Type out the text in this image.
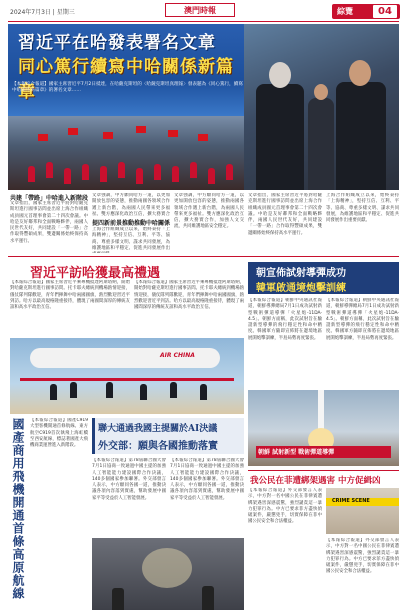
2024年7月3日 | 星期三	澳門時報	綜覽	04
習近平在哈發表署名文章
同心篤行續寫中哈關係新篇章
【本報綜合報道】國家主席習近平7月2日抵達，在哈薩克斯坦的〈哈薩克斯坦真理報〉發表題為《同心篤行，續寫中哈關係新篇章》的署名文章……
共建「帶路」中哈進入新階段
文章指出，國家主席習近平將對哈薩克斯坦進行國事訪問並出席上海合作組織成員國元首理事會第二十四次會議。中哈是友好鄰邦和全面戰略夥伴，兩國人民世代友好，共同建設「一帶一路」合作取得豐碩成果，雙邊關係始終保持高水平運行。
文章強調，中方願同哈方一道，以更加開放包容的姿態，推動兩國各領域合作邁上新台階，為兩國人民帶來更多福祉。雙方應深化政治互信，擴大務實合
提四新前景推動推動中哈關係
上海合作組織成立以來，始終秉持「上海精神」，堅持互信、互利、平等、協商、尊重多樣文明、謀求共同發展，為維護地區和平穩定、促進共同發展作出
文章強調，中方願同哈方一道，以更加開放包容的姿態，推動兩國各領域合作邁上新台階，為兩國人民帶來更多福祉。雙方應深化政治互信，擴大務實合作，加強人文交流，共同維護地區安全穩定。
文章指出，國家主席習近平將對哈薩克斯坦進行國事訪問並出席上海合作組織成員國元首理事會第二十四次會議。中哈是友好鄰邦和全面戰略夥伴，兩國人民世代友好，共同建設「一帶一路」合作取得豐碩成果，雙邊關係始終保持高水平運行。
上海合作組織成立以來，始終秉持「上海精神」，堅持互信、互利、平等、協商、尊重多樣文明、謀求共同發展，為維護地區和平穩定、促進共同發展作出重要貢獻。
習近平訪哈獲最高禮遇
【本報綜合報道】國家主席習近平乘專機抵達阿斯塔納，開始對哈薩克斯坦進行國事訪問。托卡耶夫總統到機場熱情迎接，儀仗隊列隊歡迎，青年們揮舞中哈兩國國旗，熱烈歡迎習近平到訪。哈方以最高規格隆重接待，體現了兩國間深厚的傳統友誼和高水平政治互信。
【本報綜合報道】國家主席習近平乘專機抵達阿斯塔納，開始對哈薩克斯坦進行國事訪問。托卡耶夫總統到機場熱情迎接，儀仗隊列隊歡迎，青年們揮舞中哈兩國國旗，熱烈歡迎習近平到訪。哈方以最高規格隆重接待，體現了兩國間深厚的傳統友誼和高水平政治互信。
AIR CHINA
朝宣佈試射導彈成功
韓軍啟通境炮擊訓練
【本報綜合報道】朝鮮中央通訊社報道，朝鮮導彈總局7月1日成功試射新型戰術彈道導彈「火星炮-11DA-4.5」。朝鮮方面稱，此次試射旨在驗證新型導彈的飛行穩定性和命中精度。韓國軍方隨即宣佈將在邊境地區展開炮擊訓練，半島局勢再度緊張。
【本報綜合報道】朝鮮中央通訊社報道，朝鮮導彈總局7月1日成功試射新型戰術彈道導彈「火星炮-11DA-4.5」。朝鮮方面稱，此次試射旨在驗證新型導彈的飛行穩定性和命中精度。韓國軍方隨即宣佈將在邊境地區展開炮擊訓練，半島局勢再度緊張。
朝鮮 試射新型 戰術彈道導彈
國產商用飛機開通首條高原航線	【本報綜合報道】國產C919大型客機開通首條航線。東方航空C919首次執飛上海虹橋至西安航線，標誌著國產大飛機商業運營進入新階段。
聯大通過我國主提關於AI決議
外交部：願與各國推動落實
【本報綜合報道】第78屆聯合國大會7月1日協商一致通過中國主提的加強人工智能能力建設國際合作決議，140多個國家參加聯署。外交部發言人表示，中方願同各國一道，推動決議各項內容落到實處，幫助發展中國家平等受益於人工智能發展。
【本報綜合報道】第78屆聯合國大會7月1日協商一致通過中國主提的加強人工智能能力建設國際合作決議，140多個國家參加聯署。外交部發言人表示，中方願同各國一道，推動決議各項內容落到實處，幫助發展中國家平等受益於人工智能發展。
我公民在菲遭綁架遇害 中方促緝凶
【本報綜合報道】外交部發言人表示，中方對一名中國公民在菲律賓遭綁架遇害深感震驚，強烈譴責這一暴力犯罪行為。中方已要求菲方盡快偵破案件，嚴懲兇手，切實保障在菲中國公民安全和合法權益。
CRIME SCENE
【本報綜合報道】外交部發言人表示，中方對一名中國公民在菲律賓遭綁架遇害深感震驚，強烈譴責這一暴力犯罪行為。中方已要求菲方盡快偵破案件，嚴懲兇手，切實保障在菲中國公民安全和合法權益。
